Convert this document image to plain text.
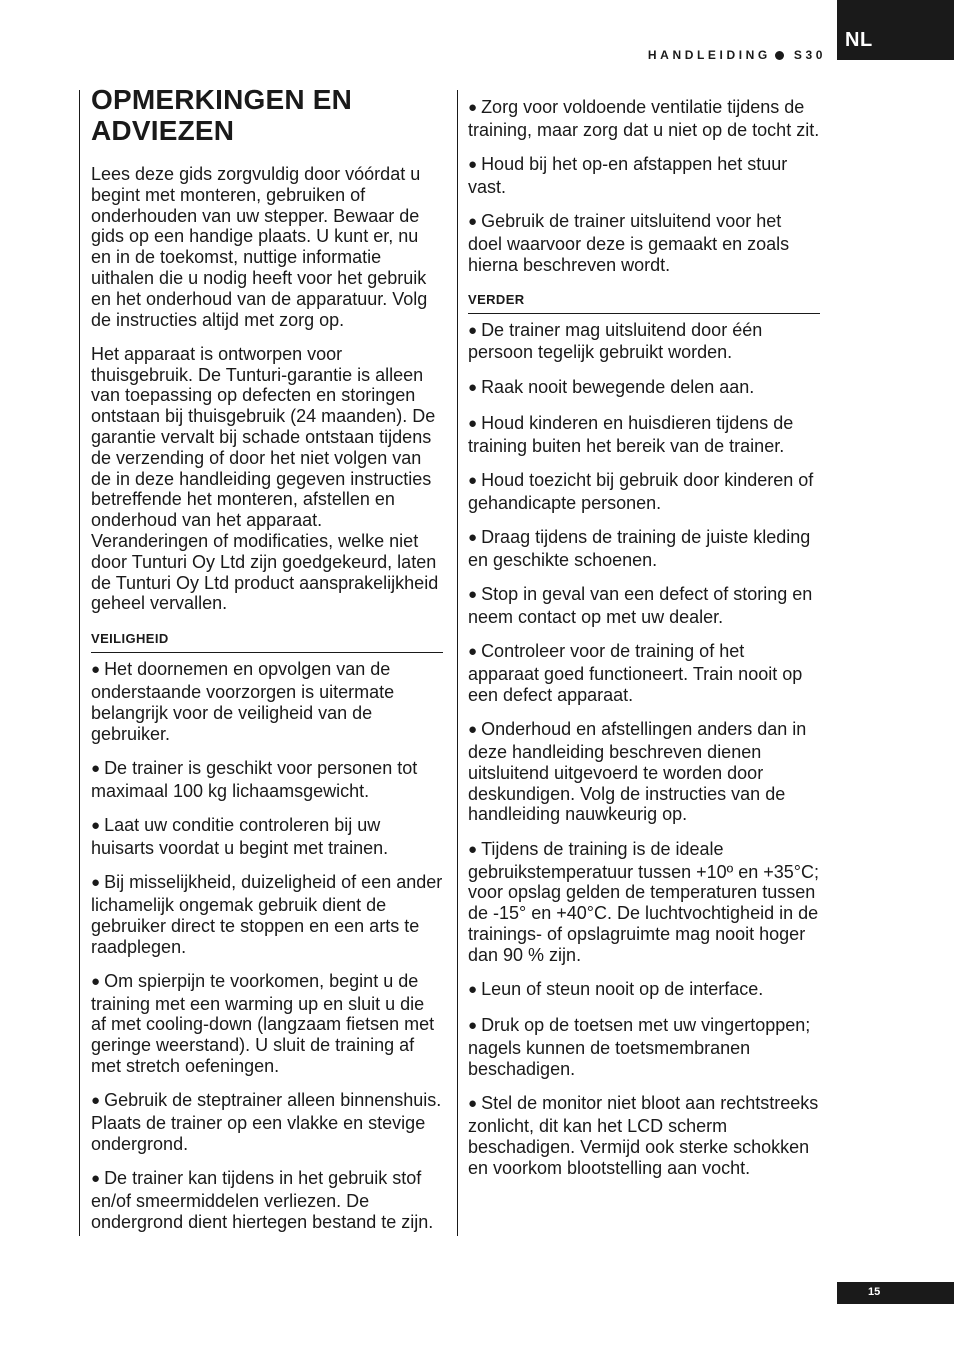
NL
HANDLEIDING S30
OPMERKINGEN EN ADVIEZEN

Lees deze gids zorgvuldig door vóórdat u begint met monteren, gebruiken of onderhouden van uw stepper. Bewaar de gids op een handige plaats. U kunt er, nu en in de toekomst, nuttige informatie uithalen die u nodig heeft voor het gebruik en het onderhoud van de apparatuur. Volg de instructies altijd met zorg op.

Het apparaat is ontworpen voor thuisgebruik. De Tunturi-garantie is alleen van toepassing op defecten en storingen ontstaan bij thuisgebruik (24 maanden). De garantie vervalt bij schade ontstaan tijdens de verzending of door het niet volgen van de in deze handleiding gegeven instructies betreffende het monteren, afstellen en onderhoud van het apparaat. Veranderingen of modificaties, welke niet door Tunturi Oy Ltd zijn goedgekeurd, laten de Tunturi Oy Ltd product aansprakelijkheid geheel vervallen.

VEILIGHEID

● Het doornemen en opvolgen van de onderstaande voorzorgen is uitermate belangrijk voor de veiligheid van de gebruiker.

● De trainer is geschikt voor personen tot maximaal 100 kg lichaamsgewicht.

● Laat uw conditie controleren bij uw huisarts voordat u begint met trainen.

● Bij misselijkheid, duizeligheid of een ander lichamelijk ongemak gebruik dient de gebruiker direct te stoppen en een arts te raadplegen.

● Om spierpijn te voorkomen, begint u de training met een warming up en sluit u die af met cooling-down (langzaam fietsen met geringe weerstand). U sluit de training af met stretch oefeningen.

● Gebruik de steptrainer alleen binnenshuis. Plaats de trainer op een vlakke en stevige ondergrond.

● De trainer kan tijdens in het gebruik stof en/of smeermiddelen verliezen. De ondergrond dient hiertegen bestand te zijn.

● Zorg voor voldoende ventilatie tijdens de training, maar zorg dat u niet op de tocht zit.

● Houd bij het op-en afstappen het stuur vast.

● Gebruik de trainer uitsluitend voor het doel waarvoor deze is gemaakt en zoals hierna beschreven wordt.

VERDER

● De trainer mag uitsluitend door één persoon tegelijk gebruikt worden.

● Raak nooit bewegende delen aan.

● Houd kinderen en huisdieren tijdens de training buiten het bereik van de trainer.

● Houd toezicht bij gebruik door kinderen of gehandicapte personen.

● Draag tijdens de training de juiste kleding en geschikte schoenen.

● Stop in geval van een defect of storing en neem contact op met uw dealer.

● Controleer voor de training of het apparaat goed functioneert. Train nooit op een defect apparaat.

● Onderhoud en afstellingen anders dan in deze handleiding beschreven dienen uitsluitend uitgevoerd te worden door deskundigen. Volg de instructies van de handleiding nauwkeurig op.

● Tijdens de training is de ideale gebruikstemperatuur tussen +10º en +35°C; voor opslag gelden de temperaturen tussen de -15° en +40°C. De luchtvochtigheid in de trainings- of opslagruimte mag nooit hoger dan 90 % zijn.

● Leun of steun nooit op de interface.

● Druk op de toetsen met uw vingertoppen; nagels kunnen de toetsmembranen beschadigen.

● Stel de monitor niet bloot aan rechtstreeks zonlicht, dit kan het LCD scherm beschadigen. Vermijd ook sterke schokken en voorkom blootstelling aan vocht.

15
